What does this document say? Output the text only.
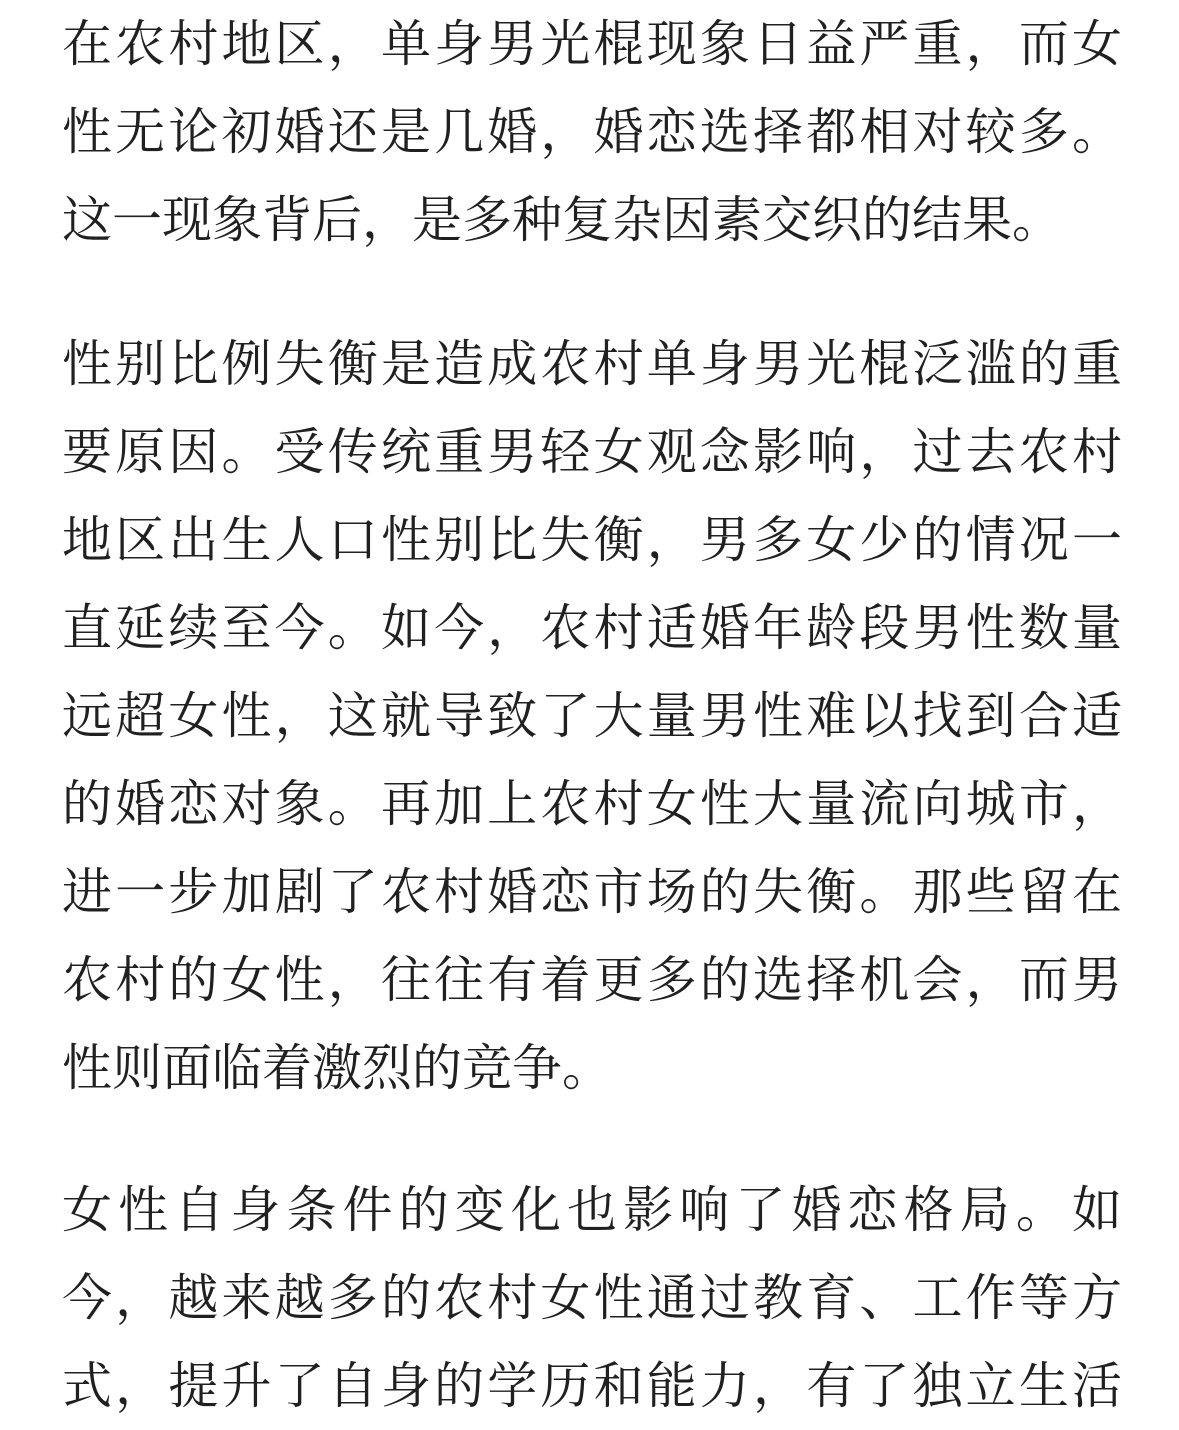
在农村地区，单身男光棍现象日益严重，而女
性无论初婚还是几婚，婚恋选择都相对较多。
这一现象背后，是多种复杂因素交织的结果。
性别比例失衡是造成农村单身男光棍泛滥的重
要原因。受传统重男轻女观念影响，过去农村
地区出生人口性别比失衡，男多女少的情况一
直延续至今。如今，农村适婚年龄段男性数量
远超女性，这就导致了大量男性难以找到合适
的婚恋对象。再加上农村女性大量流向城市，
进一步加剧了农村婚恋市场的失衡。那些留在
农村的女性，往往有着更多的选择机会，而男
性则面临着激烈的竞争。
女性自身条件的变化也影响了婚恋格局。如
今，越来越多的农村女性通过教育、工作等方
式，提升了自身的学历和能力，有了独立生活
